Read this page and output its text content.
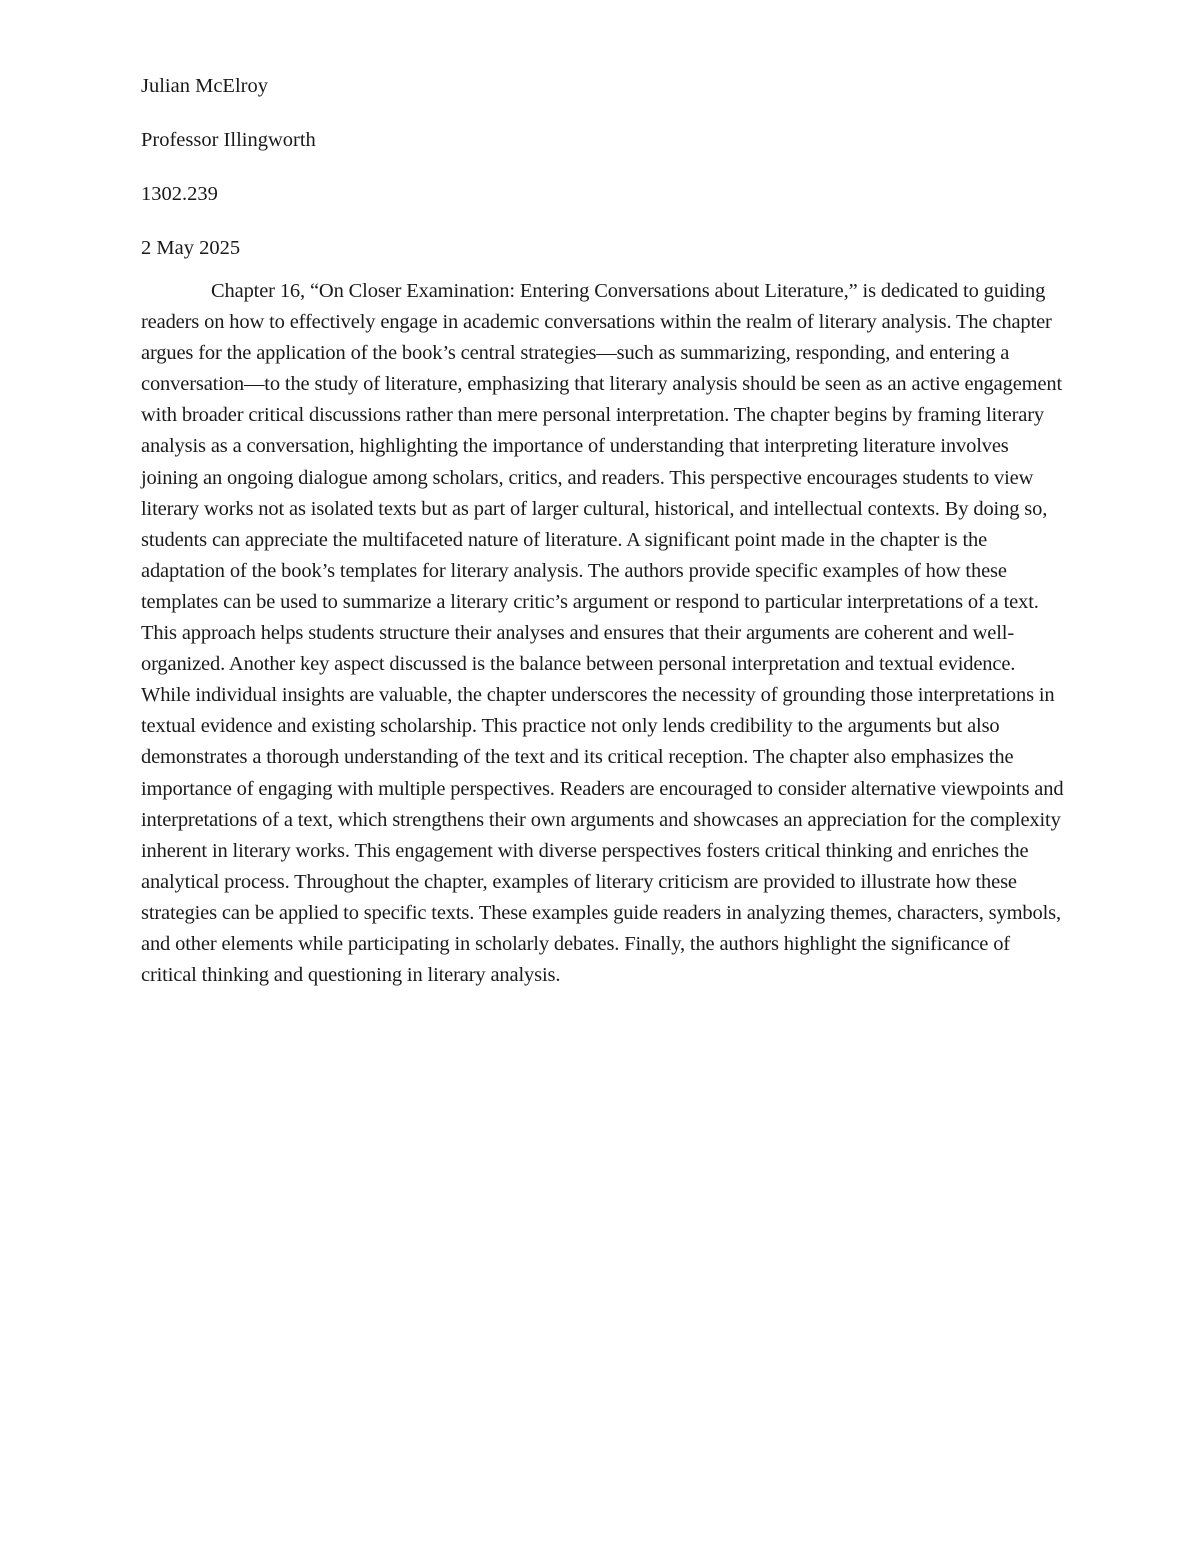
Julian McElroy

Professor Illingworth

1302.239

2 May 2025

Chapter 16, “On Closer Examination: Entering Conversations about Literature,” is dedicated to guiding readers on how to effectively engage in academic conversations within the realm of literary analysis. The chapter argues for the application of the book’s central strategies—such as summarizing, responding, and entering a conversation—to the study of literature, emphasizing that literary analysis should be seen as an active engagement with broader critical discussions rather than mere personal interpretation. The chapter begins by framing literary analysis as a conversation, highlighting the importance of understanding that interpreting literature involves joining an ongoing dialogue among scholars, critics, and readers. This perspective encourages students to view literary works not as isolated texts but as part of larger cultural, historical, and intellectual contexts. By doing so, students can appreciate the multifaceted nature of literature. A significant point made in the chapter is the adaptation of the book’s templates for literary analysis. The authors provide specific examples of how these templates can be used to summarize a literary critic’s argument or respond to particular interpretations of a text. This approach helps students structure their analyses and ensures that their arguments are coherent and well-organized. Another key aspect discussed is the balance between personal interpretation and textual evidence. While individual insights are valuable, the chapter underscores the necessity of grounding those interpretations in textual evidence and existing scholarship. This practice not only lends credibility to the arguments but also demonstrates a thorough understanding of the text and its critical reception. The chapter also emphasizes the importance of engaging with multiple perspectives. Readers are encouraged to consider alternative viewpoints and interpretations of a text, which strengthens their own arguments and showcases an appreciation for the complexity inherent in literary works. This engagement with diverse perspectives fosters critical thinking and enriches the analytical process. Throughout the chapter, examples of literary criticism are provided to illustrate how these strategies can be applied to specific texts. These examples guide readers in analyzing themes, characters, symbols, and other elements while participating in scholarly debates. Finally, the authors highlight the significance of critical thinking and questioning in literary analysis.
